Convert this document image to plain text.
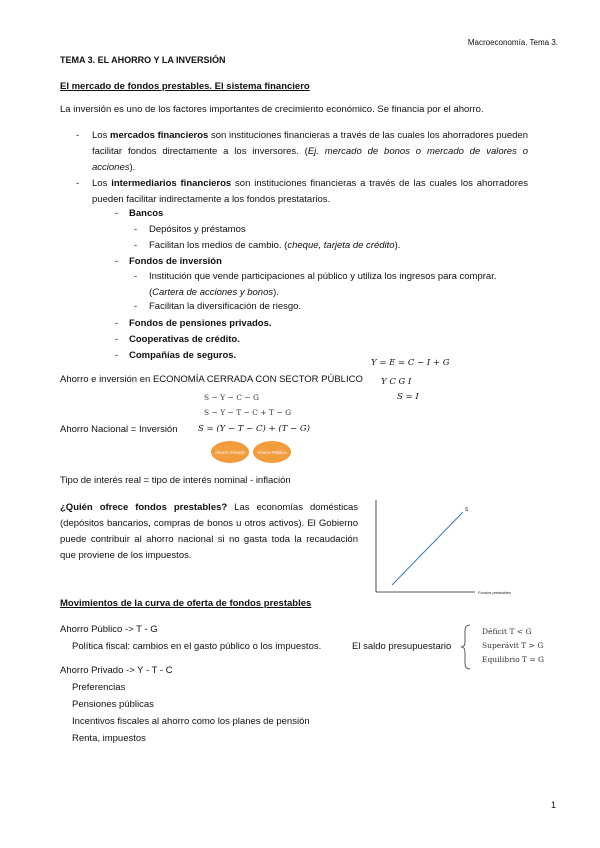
Macroeconomía. Tema 3.
TEMA 3. EL AHORRO Y LA INVERSIÓN
El mercado de fondos prestables. El sistema financiero
La inversión es uno de los factores importantes de crecimiento económico. Se financia por el ahorro.
- Los mercados financieros son instituciones financieras a través de las cuales los ahorradores pueden facilitar fondos directamente a los inversores. (Ej. mercado de bonos o mercado de valores o acciones).
- Los intermediarios financieros son instituciones financieras a través de las cuales los ahorradores pueden facilitar indirectamente a los fondos prestatarios.
- Bancos
- Depósitos y préstamos
- Facilitan los medios de cambio. (cheque, tarjeta de crédito).
- Fondos de inversión
- Institución que vende participaciones al público y utiliza los ingresos para comprar. (Cartera de acciones y bonos).
- Facilitan la diversificación de riesgo.
- Fondos de pensiones privados.
- Cooperativas de crédito.
- Compañías de seguros.
Y = E = C − I + G
Y C G I
S = I
Ahorro e inversión en ECONOMÍA CERRADA CON SECTOR PÚBLICO
S − Y − C − G
S − Y − T − C + T − G
Ahorro Nacional = Inversión S = (Y − T − C) + (T − G)
Ahorro Privado	Ahorro Público
Tipo de interés real = tipo de interés nominal - inflación
¿Quién ofrece fondos prestables? Las economías domésticas (depósitos bancarios, compras de bonos u otros activos). El Gobierno puede contribuir al ahorro nacional si no gasta toda la recaudación que proviene de los impuestos.
S
Fondos prestables
Movimientos de la curva de oferta de fondos prestables
Ahorro Público -> T - G
Política fiscal: cambios en el gasto público o los impuestos.	El saldo presupuestario
Déficit T < G
Superávit T > G
Equilibrio T = G
Ahorro Privado -> Y - T - C
Preferencias
Pensiones públicas
Incentivos fiscales al ahorro como los planes de pensión
Renta, impuestos
1
